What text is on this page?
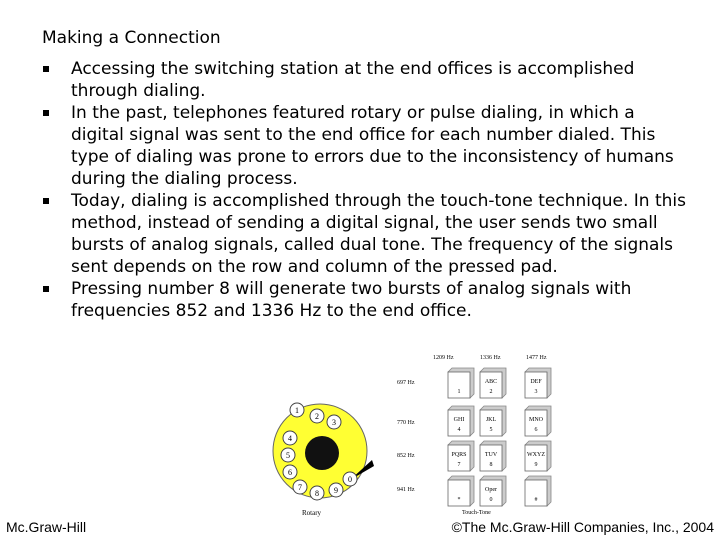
Making a Connection
Accessing the switching station at the end offices is accomplished through dialing.
In the past, telephones featured rotary or pulse dialing, in which a digital signal was sent to the end office for each number dialed. This type of dialing was prone to errors due to the inconsistency of humans during the dialing process.
Today, dialing is accomplished through the touch-tone technique. In this method, instead of sending a digital signal, the user sends two small bursts of analog signals, called dual tone. The frequency of the signals sent depends on the row and column of the pressed pad.
Pressing number 8 will generate two bursts of analog signals with frequencies 852 and 1336 Hz to the end office.
1
2
3
4
5
6
7
8 9
0
Rotary
1209 Hz	1336 Hz	1477 Hz
697 Hz
770 Hz
852 Hz
941 Hz
1
ABC
2
DEF
3
GHI
4
JKL
5
MNO
6
PQRS
7
TUV
8
WXYZ
9
*
Oper
0	#
Touch-Tone
Mc.Graw-Hill	©The Mc.Graw-Hill Companies, Inc., 2004
